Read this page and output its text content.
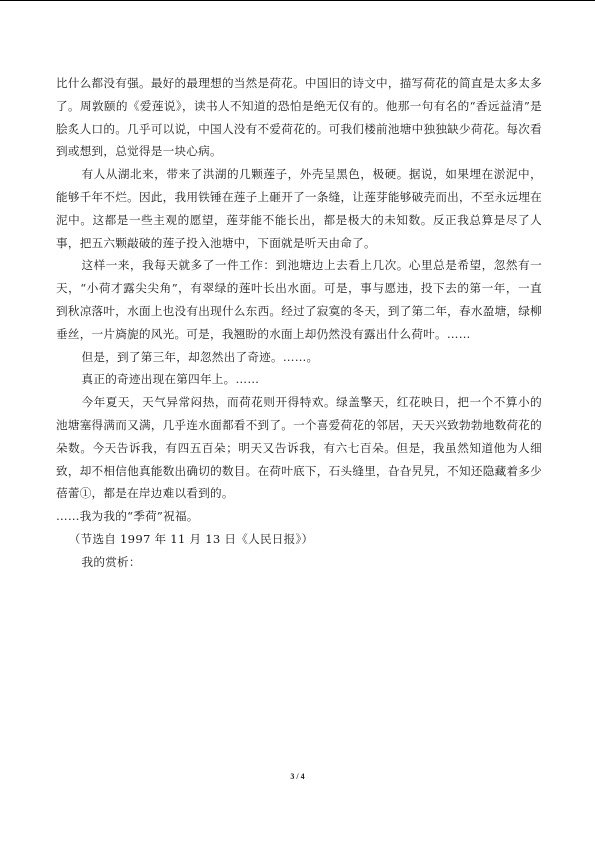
比什么都没有强。最好的最理想的当然是荷花。中国旧的诗文中，描写荷花的简直是太多太多了。周敦颐的《爱莲说》，读书人不知道的恐怕是绝无仅有的。他那一句有名的“香远益清”是脍炙人口的。几乎可以说，中国人没有不爱荷花的。可我们楼前池塘中独独缺少荷花。每次看到或想到，总觉得是一块心病。

有人从湖北来，带来了洪湖的几颗莲子，外壳呈黑色，极硬。据说，如果埋在淤泥中，能够千年不烂。因此，我用铁锤在莲子上砸开了一条缝，让莲芽能够破壳而出，不至永远埋在泥中。这都是一些主观的愿望，莲芽能不能长出，都是极大的未知数。反正我总算是尽了人事，把五六颗敲破的莲子投入池塘中，下面就是听天由命了。

这样一来，我每天就多了一件工作：到池塘边上去看上几次。心里总是希望，忽然有一天，“小荷才露尖尖角”，有翠绿的莲叶长出水面。可是，事与愿违，投下去的第一年，一直到秋凉落叶，水面上也没有出现什么东西。经过了寂寞的冬天，到了第二年，春水盈塘，绿柳垂丝，一片旖旎的风光。可是，我翘盼的水面上却仍然没有露出什么荷叶。……

但是，到了第三年，却忽然出了奇迹。……。

真正的奇迹出现在第四年上。……

今年夏天，天气异常闷热，而荷花则开得特欢。绿盖擎天，红花映日，把一个不算小的池塘塞得满而又满，几乎连水面都看不到了。一个喜爱荷花的邻居，天天兴致勃勃地数荷花的朵数。今天告诉我，有四五百朵；明天又告诉我，有六七百朵。但是，我虽然知道他为人细致，却不相信他真能数出确切的数目。在荷叶底下，石头缝里，旮旮旯旯，不知还隐藏着多少蓓蕾①，都是在岸边难以看到的。

……我为我的“季荷”祝福。

（节选自 1997 年 11 月 13 日《人民日报》）

我的赏析：

3 / 4
